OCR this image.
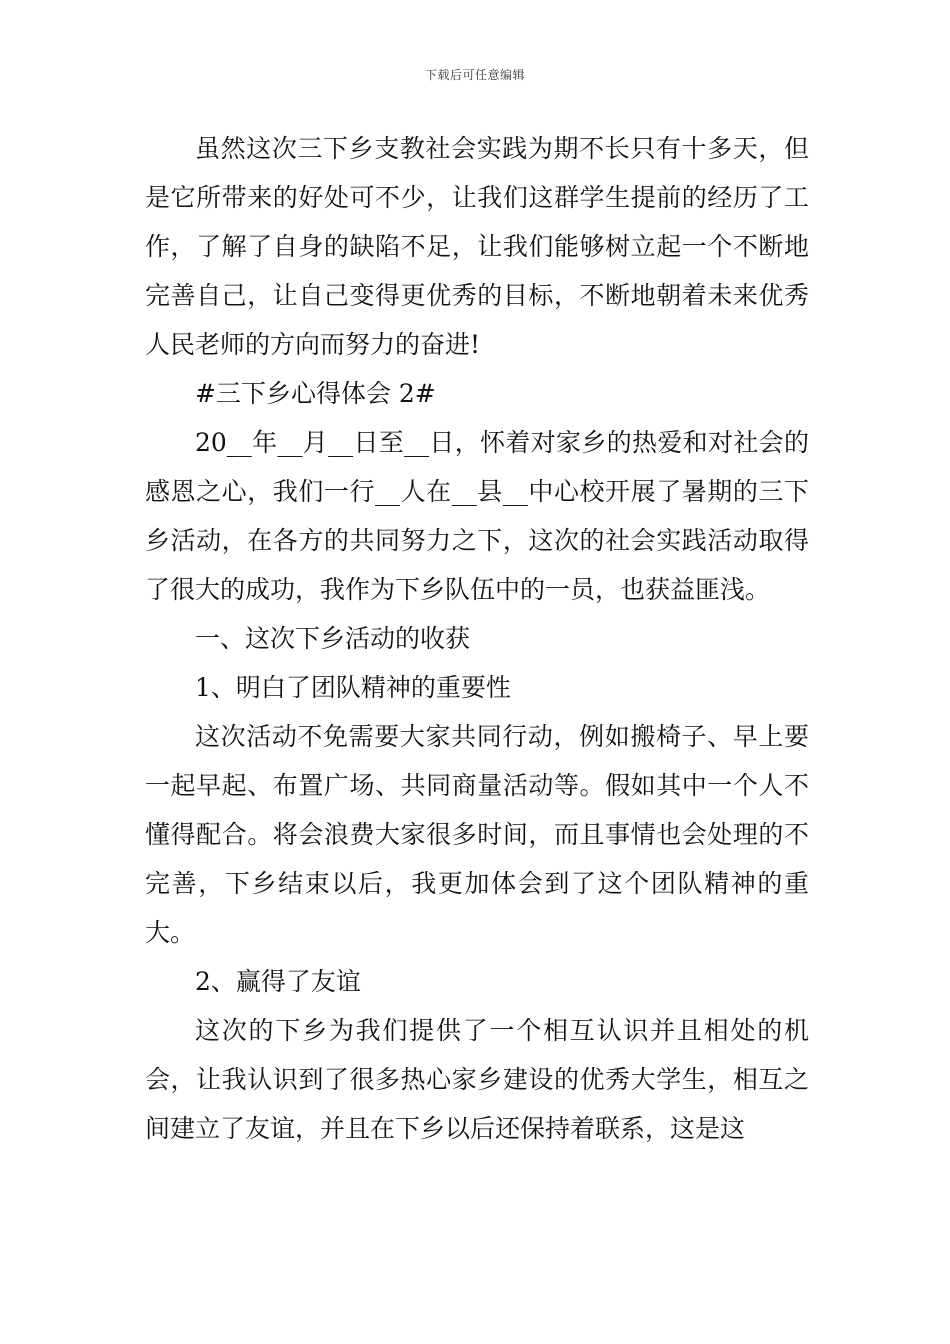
下载后可任意编辑

虽然这次三下乡支教社会实践为期不长只有十多天，但是它所带来的好处可不少，让我们这群学生提前的经历了工作，了解了自身的缺陷不足，让我们能够树立起一个不断地完善自己，让自己变得更优秀的目标，不断地朝着未来优秀人民老师的方向而努力的奋进!

#三下乡心得体会 2#

20__年__月__日至__日，怀着对家乡的热爱和对社会的感恩之心，我们一行__人在__县__中心校开展了暑期的三下乡活动，在各方的共同努力之下，这次的社会实践活动取得了很大的成功，我作为下乡队伍中的一员，也获益匪浅。

一、这次下乡活动的收获

1、明白了团队精神的重要性

这次活动不免需要大家共同行动，例如搬椅子、早上要一起早起、布置广场、共同商量活动等。假如其中一个人不懂得配合。将会浪费大家很多时间，而且事情也会处理的不完善，下乡结束以后，我更加体会到了这个团队精神的重大。

2、赢得了友谊

这次的下乡为我们提供了一个相互认识并且相处的机会，让我认识到了很多热心家乡建设的优秀大学生，相互之间建立了友谊，并且在下乡以后还保持着联系，这是这
